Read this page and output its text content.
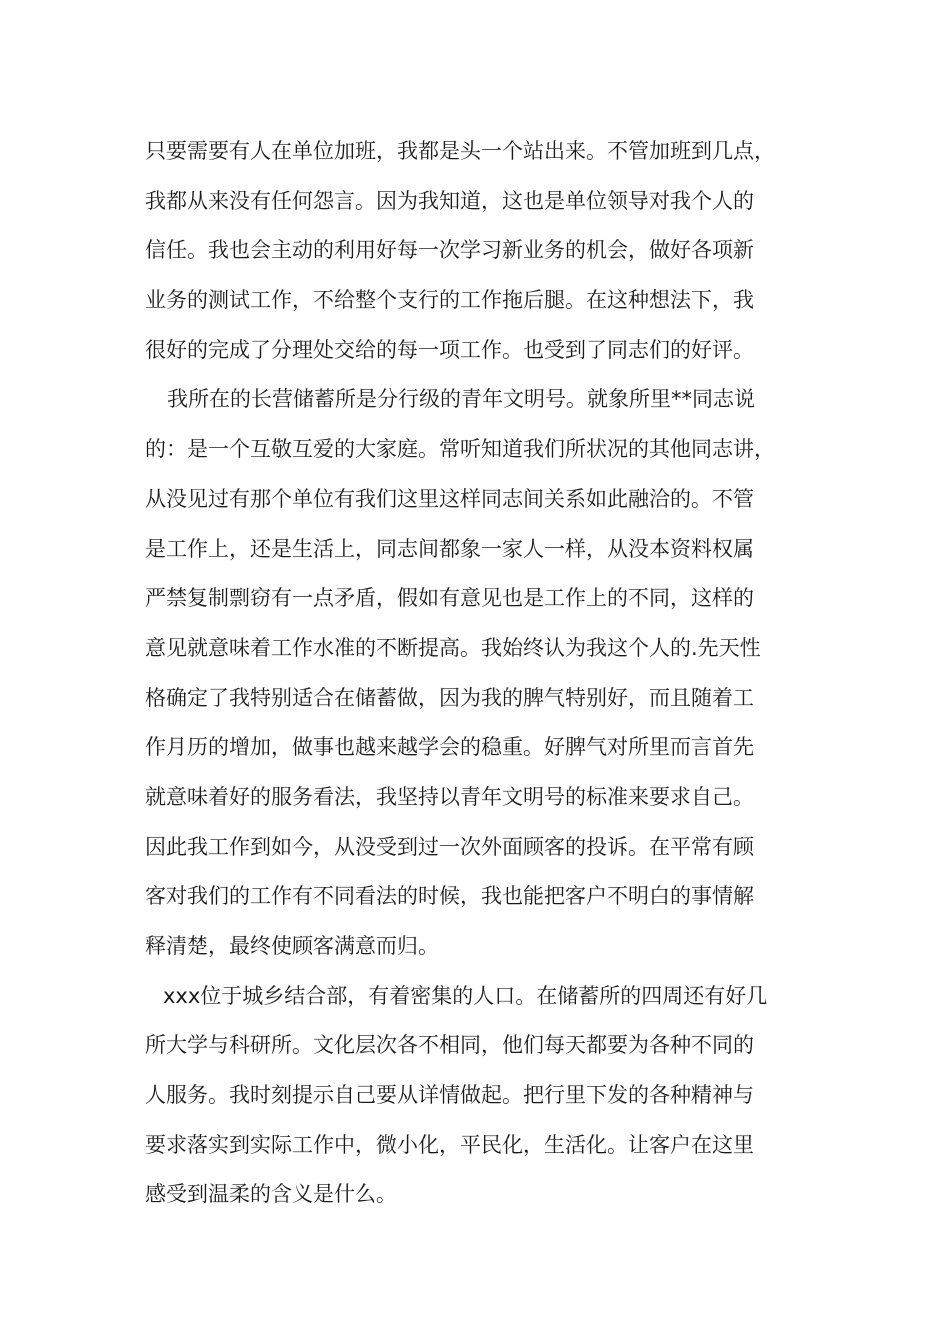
只要需要有人在单位加班，我都是头一个站出来。不管加班到几点，
我都从来没有任何怨言。因为我知道，这也是单位领导对我个人的
信任。我也会主动的利用好每一次学习新业务的机会，做好各项新
业务的测试工作，不给整个支行的工作拖后腿。在这种想法下，我
很好的完成了分理处交给的每一项工作。也受到了同志们的好评。
我所在的长营储蓄所是分行级的青年文明号。就象所里**同志说
的：是一个互敬互爱的大家庭。常听知道我们所状况的其他同志讲，
从没见过有那个单位有我们这里这样同志间关系如此融洽的。不管
是工作上，还是生活上，同志间都象一家人一样，从没本资料权属
严禁复制剽窃有一点矛盾，假如有意见也是工作上的不同，这样的
意见就意味着工作水准的不断提高。我始终认为我这个人的.先天性
格确定了我特别适合在储蓄做，因为我的脾气特别好，而且随着工
作月历的增加，做事也越来越学会的稳重。好脾气对所里而言首先
就意味着好的服务看法，我坚持以青年文明号的标准来要求自己。
因此我工作到如今，从没受到过一次外面顾客的投诉。在平常有顾
客对我们的工作有不同看法的时候，我也能把客户不明白的事情解
释清楚，最终使顾客满意而归。
xxx位于城乡结合部，有着密集的人口。在储蓄所的四周还有好几
所大学与科研所。文化层次各不相同，他们每天都要为各种不同的
人服务。我时刻提示自己要从详情做起。把行里下发的各种精神与
要求落实到实际工作中，微小化，平民化，生活化。让客户在这里
感受到温柔的含义是什么。
